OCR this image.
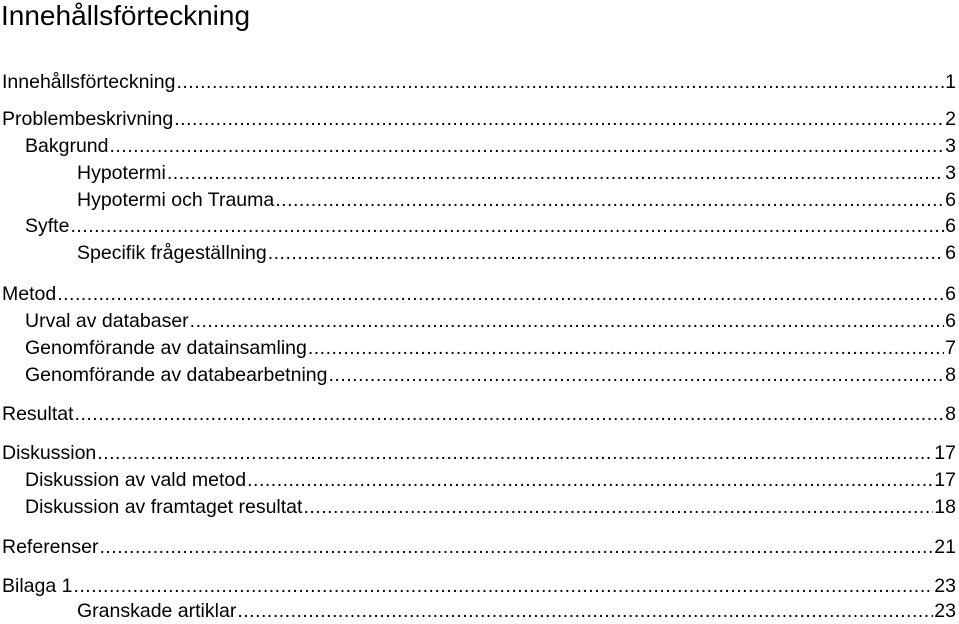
Innehållsförteckning
Innehållsförteckning .....	1
Problembeskrivning .....	2
Bakgrund .....	3
Hypotermi .....	3
Hypotermi och Trauma .....	6
Syfte .....	6
Specifik frågeställning .....	6
Metod .....	6
Urval av databaser .....	6
Genomförande av datainsamling .....	7
Genomförande av databearbetning .....	8
Resultat .....	8
Diskussion .....	17
Diskussion av vald metod .....	17
Diskussion av framtaget resultat .....	18
Referenser .....	21
Bilaga 1 .....	23
Granskade artiklar .....	23
